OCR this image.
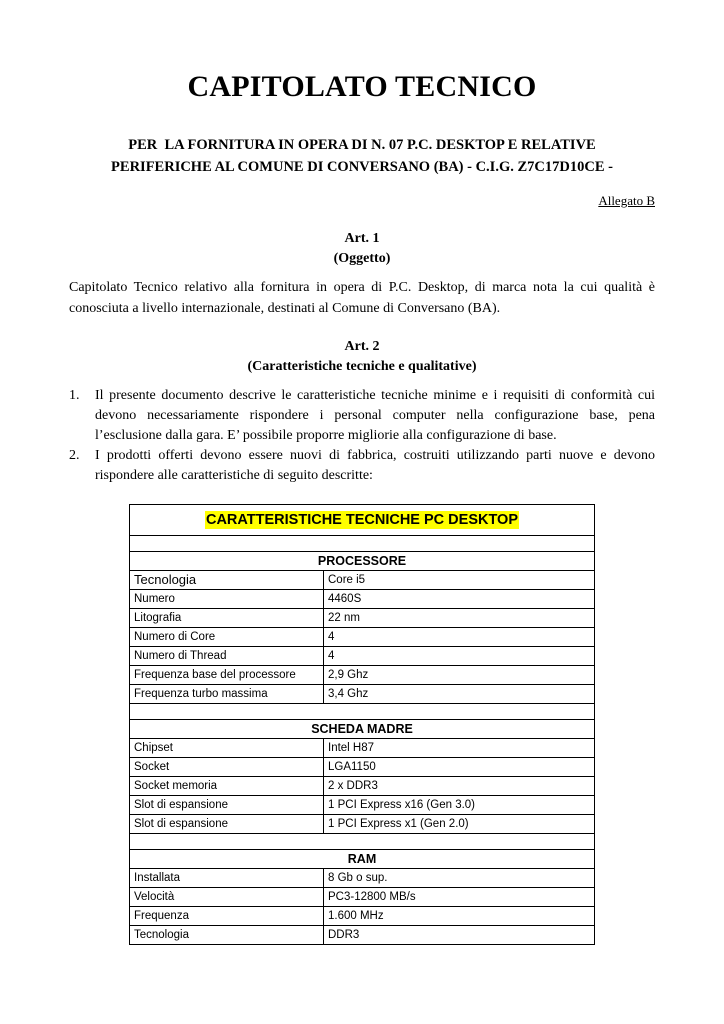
CAPITOLATO TECNICO
PER  LA FORNITURA IN OPERA DI N. 07 P.C. DESKTOP E RELATIVE
PERIFERICHE AL COMUNE DI CONVERSANO (BA) - C.I.G. Z7C17D10CE -
Allegato B
Art. 1
(Oggetto)
Capitolato Tecnico relativo alla fornitura in opera di P.C. Desktop, di marca nota la cui qualità è conosciuta a livello internazionale, destinati al Comune di Conversano (BA).
Art. 2
(Caratteristiche tecniche e qualitative)
1. Il presente documento descrive le caratteristiche tecniche minime e i requisiti di conformità cui devono necessariamente rispondere i personal computer nella configurazione base, pena l’esclusione dalla gara. E’ possibile proporre migliorie alla configurazione di base.
2. I prodotti offerti devono essere nuovi di fabbrica, costruiti utilizzando parti nuove e devono rispondere alle caratteristiche di seguito descritte:
CARATTERISTICHE TECNICHE PC DESKTOP	

PROCESSORE	
Tecnologia	Core i5
Numero	4460S
Litografia	22 nm
Numero di Core	4
Numero di Thread	4
Frequenza base del processore	2,9 Ghz
Frequenza turbo massima	3,4 Ghz

SCHEDA MADRE	
Chipset	Intel H87
Socket	LGA1150
Socket memoria	2 x DDR3
Slot di espansione	1 PCI Express x16 (Gen 3.0)
Slot di espansione	1 PCI Express x1 (Gen 2.0)

RAM	
Installata	8 Gb o sup.
Velocità	PC3-12800 MB/s
Frequenza	1.600 MHz
Tecnologia	DDR3
